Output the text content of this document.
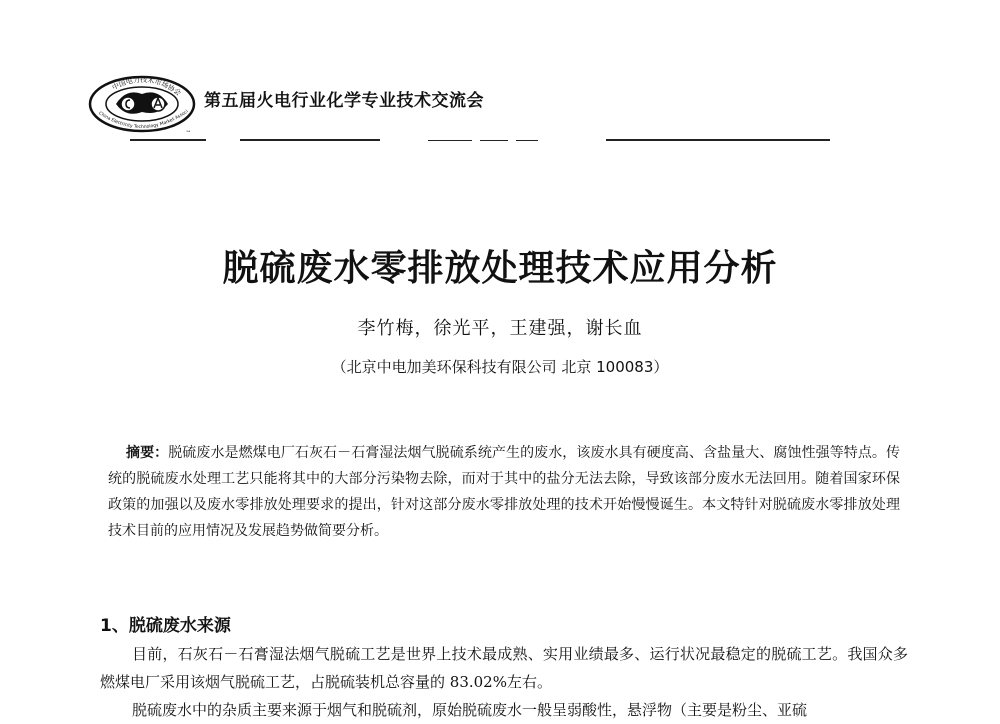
中国电力技术市场协会
China Electricity Technology Market Associ
CEA
第五届火电行业化学专业技术交流会
脱硫废水零排放处理技术应用分析
李竹梅，徐光平，王建强，谢长血
（北京中电加美环保科技有限公司 北京 100083）
摘要：脱硫废水是燃煤电厂石灰石－石膏湿法烟气脱硫系统产生的废水，该废水具有硬度高、含盐量大、腐蚀性强等特点。传统的脱硫废水处理工艺只能将其中的大部分污染物去除，而对于其中的盐分无法去除，导致该部分废水无法回用。随着国家环保政策的加强以及废水零排放处理要求的提出，针对这部分废水零排放处理的技术开始慢慢诞生。本文特针对脱硫废水零排放处理技术目前的应用情况及发展趋势做简要分析。
1、脱硫废水来源

目前，石灰石－石膏湿法烟气脱硫工艺是世界上技术最成熟、实用业绩最多、运行状况最稳定的脱硫工艺。我国众多燃煤电厂采用该烟气脱硫工艺，占脱硫装机总容量的 83.02%左右。

脱硫废水中的杂质主要来源于烟气和脱硫剂，原始脱硫废水一般呈弱酸性，悬浮物（主要是粉尘、亚硫
